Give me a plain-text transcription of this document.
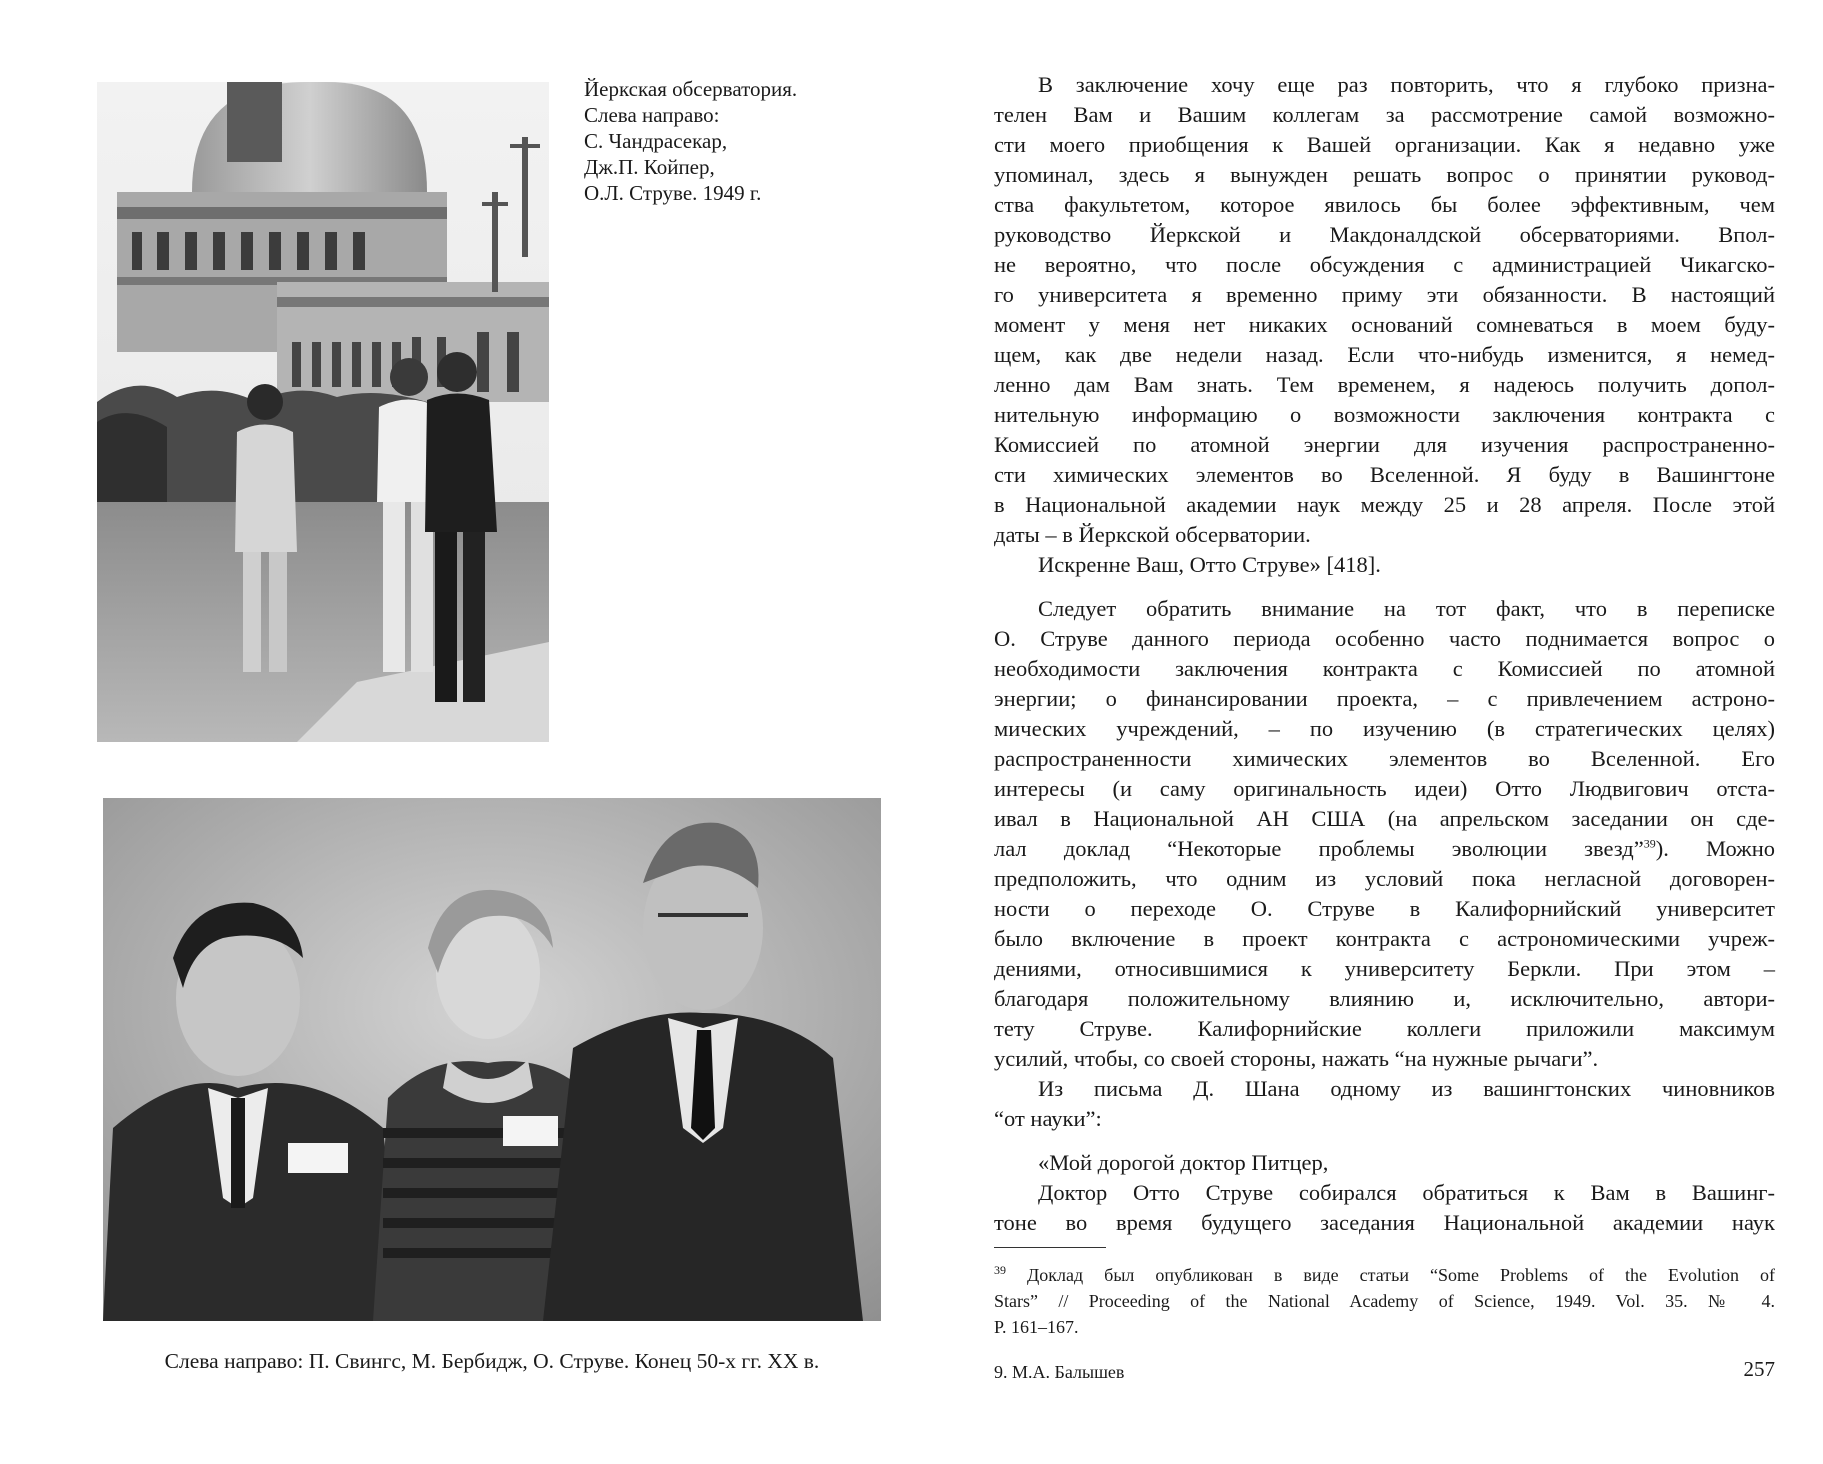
Йеркская обсерватория.
Слева направо:
С. Чандрасекар,
Дж.П. Койпер,
О.Л. Струве. 1949 г.
Слева направо: П. Свингс, М. Бербидж, О. Струве. Конец 50-х гг. XX в.
В заключение хочу еще раз повторить, что я глубоко призна-
телен Вам и Вашим коллегам за рассмотрение самой возможно-
сти моего приобщения к Вашей организации. Как я недавно уже
упоминал, здесь я вынужден решать вопрос о принятии руковод-
ства факультетом, которое явилось бы более эффективным, чем
руководство Йеркской и Макдоналдской обсерваториями. Впол-
не вероятно, что после обсуждения с администрацией Чикагско-
го университета я временно приму эти обязанности. В настоящий
момент у меня нет никаких оснований сомневаться в моем буду-
щем, как две недели назад. Если что-нибудь изменится, я немед-
ленно дам Вам знать. Тем временем, я надеюсь получить допол-
нительную информацию о возможности заключения контракта с
Комиссией по атомной энергии для изучения распространенно-
сти химических элементов во Вселенной. Я буду в Вашингтоне
в Национальной академии наук между 25 и 28 апреля. После этой
даты – в Йеркской обсерватории.
Искренне Ваш, Отто Струве» [418].
Следует обратить внимание на тот факт, что в переписке
О. Струве данного периода особенно часто поднимается вопрос о
необходимости заключения контракта с Комиссией по атомной
энергии; о финансировании проекта, – с привлечением астроно-
мических учреждений, – по изучению (в стратегических целях)
распространенности химических элементов во Вселенной. Его
интересы (и саму оригинальность идеи) Отто Людвигович отста-
ивал в Национальной АН США (на апрельском заседании он сде-
лал доклад “Некоторые проблемы эволюции звезд”$^{39}$). Можно
предположить, что одним из условий пока негласной договорен-
ности о переходе О. Струве в Калифорнийский университет
было включение в проект контракта с астрономическими учреж-
дениями, относившимися к университету Беркли. При этом –
благодаря положительному влиянию и, исключительно, автори-
тету Струве. Калифорнийские коллеги приложили максимум
усилий, чтобы, со своей стороны, нажать “на нужные рычаги”.
Из письма Д. Шана одному из вашингтонских чиновников
“от науки”:
«Мой дорогой доктор Питцер,
Доктор Отто Струве собирался обратиться к Вам в Вашинг-
тоне во время будущего заседания Национальной академии наук
$^{39}$ Доклад был опубликован в виде статьи “Some Problems of the Evolution of
Stars” // Proceeding of the National Academy of Science, 1949. Vol. 35. № 4.
P. 161–167.
9. М.А. Балышев	257
